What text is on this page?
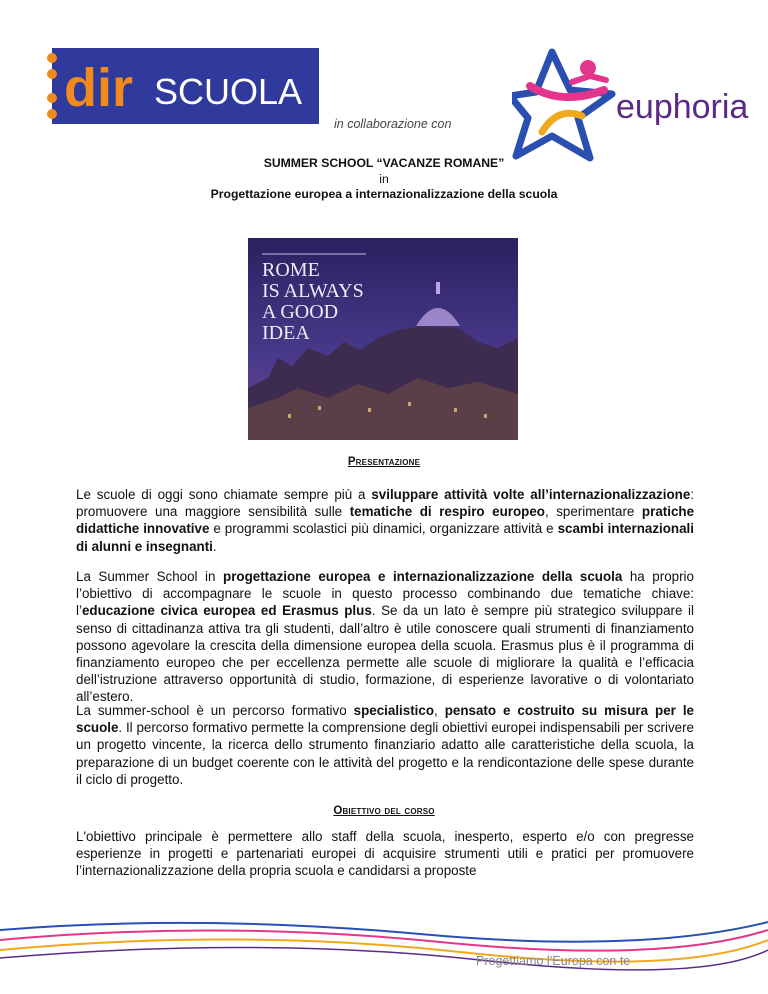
dir SCUOLA
in collaborazione con	euphoria
SUMMER SCHOOL “VACANZE ROMANE”
in
Progettazione europea a internazionalizzazione della scuola
ROME
IS ALWAYS
A GOOD
IDEA
Presentazione
Le scuole di oggi sono chiamate sempre più a sviluppare attività volte all’internazionalizzazione: promuovere una maggiore sensibilità sulle tematiche di respiro europeo, sperimentare pratiche didattiche innovative e programmi scolastici più dinamici, organizzare attività e scambi internazionali di alunni e insegnanti.
La Summer School in progettazione europea e internazionalizzazione della scuola ha proprio l’obiettivo di accompagnare le scuole in questo processo combinando due tematiche chiave: l’educazione civica europea ed Erasmus plus. Se da un lato è sempre più strategico sviluppare il senso di cittadinanza attiva tra gli studenti, dall’altro è utile conoscere quali strumenti di finanziamento possono agevolare la crescita della dimensione europea della scuola. Erasmus plus è il programma di finanziamento europeo che per eccellenza permette alle scuole di migliorare la qualità e l’efficacia dell’istruzione attraverso opportunità di studio, formazione, di esperienze lavorative o di volontariato all’estero.
La summer-school è un percorso formativo specialistico, pensato e costruito su misura per le scuole. Il percorso formativo permette la comprensione degli obiettivi europei indispensabili per scrivere un progetto vincente, la ricerca dello strumento finanziario adatto alle caratteristiche della scuola, la preparazione di un budget coerente con le attività del progetto e la rendicontazione delle spese durante il ciclo di progetto.
Obiettivo del corso
L'obiettivo principale è permettere allo staff della scuola, inesperto, esperto e/o con pregresse esperienze in progetti e partenariati europei di acquisire strumenti utili e pratici per promuovere l’internazionalizzazione della propria scuola e candidarsi a proposte
Progettiamo l’Europa con te
